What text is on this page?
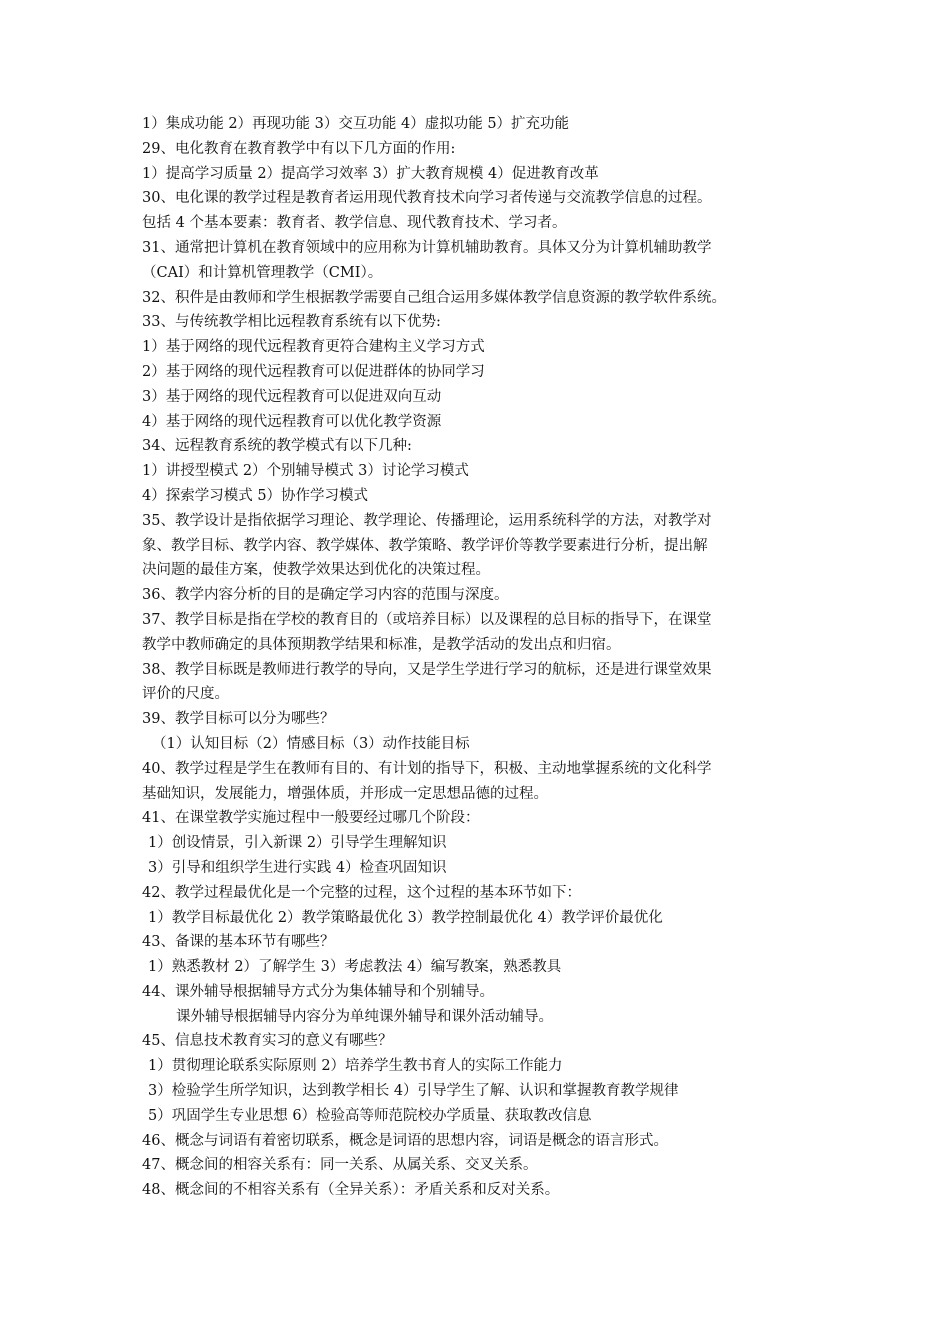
1）集成功能 2）再现功能 3）交互功能 4）虚拟功能 5）扩充功能
29、电化教育在教育教学中有以下几方面的作用:
1）提高学习质量 2）提高学习效率 3）扩大教育规模 4）促进教育改革
30、电化课的教学过程是教育者运用现代教育技术向学习者传递与交流教学信息的过程。
包括 4 个基本要素：教育者、教学信息、现代教育技术、学习者。
31、通常把计算机在教育领域中的应用称为计算机辅助教育。具体又分为计算机辅助教学
（CAI）和计算机管理教学（CMI）。
32、积件是由教师和学生根据教学需要自己组合运用多媒体教学信息资源的教学软件系统。
33、与传统教学相比远程教育系统有以下优势:
1）基于网络的现代远程教育更符合建构主义学习方式
2）基于网络的现代远程教育可以促进群体的协同学习
3）基于网络的现代远程教育可以促进双向互动
4）基于网络的现代远程教育可以优化教学资源
34、远程教育系统的教学模式有以下几种:
1）讲授型模式 2）个别辅导模式 3）讨论学习模式
4）探索学习模式 5）协作学习模式
35、教学设计是指依据学习理论、教学理论、传播理论，运用系统科学的方法，对教学对
象、教学目标、教学内容、教学媒体、教学策略、教学评价等教学要素进行分析，提出解
决问题的最佳方案，使教学效果达到优化的决策过程。
36、教学内容分析的目的是确定学习内容的范围与深度。
37、教学目标是指在学校的教育目的（或培养目标）以及课程的总目标的指导下，在课堂
教学中教师确定的具体预期教学结果和标准，是教学活动的发出点和归宿。
38、教学目标既是教师进行教学的导向，又是学生学进行学习的航标，还是进行课堂效果
评价的尺度。
39、教学目标可以分为哪些？
（1）认知目标（2）情感目标（3）动作技能目标
40、教学过程是学生在教师有目的、有计划的指导下，积极、主动地掌握系统的文化科学
基础知识，发展能力，增强体质，并形成一定思想品德的过程。
41、在课堂教学实施过程中一般要经过哪几个阶段：
1）创设情景，引入新课 2）引导学生理解知识
3）引导和组织学生进行实践 4）检查巩固知识
42、教学过程最优化是一个完整的过程，这个过程的基本环节如下：
1）教学目标最优化 2）教学策略最优化 3）教学控制最优化 4）教学评价最优化
43、备课的基本环节有哪些？
1）熟悉教材 2）了解学生 3）考虑教法 4）编写教案，熟悉教具
44、课外辅导根据辅导方式分为集体辅导和个别辅导。
课外辅导根据辅导内容分为单纯课外辅导和课外活动辅导。
45、信息技术教育实习的意义有哪些？
1）贯彻理论联系实际原则 2）培养学生教书育人的实际工作能力
3）检验学生所学知识，达到教学相长 4）引导学生了解、认识和掌握教育教学规律
5）巩固学生专业思想 6）检验高等师范院校办学质量、获取教改信息
46、概念与词语有着密切联系，概念是词语的思想内容，词语是概念的语言形式。
47、概念间的相容关系有：同一关系、从属关系、交叉关系。
48、概念间的不相容关系有（全异关系）：矛盾关系和反对关系。
